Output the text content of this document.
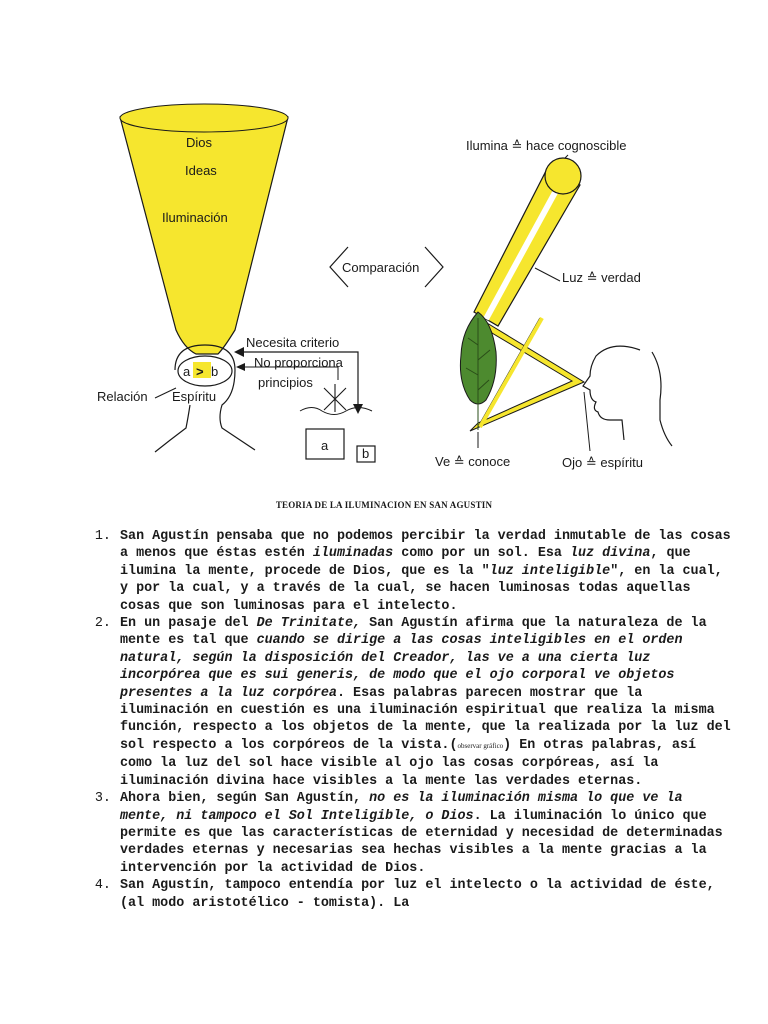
Dios
Ideas
Iluminación
a > b
Relación Espíritu
Necesita criterio
No proporciona
principios
a
b
Comparación
Ilumina ≙ hace cognoscible
Luz ≙ verdad
Ve ≙ conoce	Ojo ≙ espíritu
TEORIA DE LA ILUMINACION EN SAN AGUSTIN
1. San Agustín pensaba que no podemos percibir la verdad inmutable de las cosas a menos que éstas estén iluminadas como por un sol. Esa luz divina, que ilumina la mente, procede de Dios, que es la "luz inteligible", en la cual, y por la cual, y a través de la cual, se hacen luminosas todas aquellas cosas que son luminosas para el intelecto.
2. En un pasaje del De Trinitate, San Agustín afirma que la naturaleza de la mente es tal que cuando se dirige a las cosas inteligibles en el orden natural, según la disposición del Creador, las ve a una cierta luz incorpórea que es sui generis, de modo que el ojo corporal ve objetos presentes a la luz corpórea. Esas palabras parecen mostrar que la iluminación en cuestión es una iluminación espiritual que realiza la misma función, respecto a los objetos de la mente, que la realizada por la luz del sol respecto a los corpóreos de la vista.(observar gráfico) En otras palabras, así como la luz del sol hace visible al ojo las cosas corpóreas, así la iluminación divina hace visibles a la mente las verdades eternas.
3. Ahora bien, según San Agustín, no es la iluminación misma lo que ve la mente, ni tampoco el Sol Inteligible, o Dios. La iluminación lo único que permite es que las características de eternidad y necesidad de determinadas verdades eternas y necesarias sea hechas visibles a la mente gracias a la intervención por la actividad de Dios.
4. San Agustín, tampoco entendía por luz el intelecto o la actividad de éste, (al modo aristotélico - tomista). La
